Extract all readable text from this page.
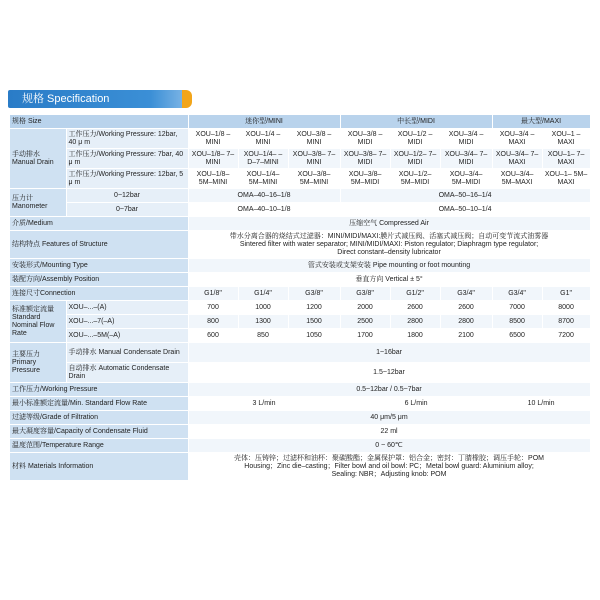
规格 Specification
规格 Size		迷你型/MINI			中长型/MIDI			最大型/MAXI	
手动排水 Manual Drain	工作压力/Working Pressure: 12bar, 40 μ m	XOU–1/8 –MINI	XOU–1/4 –MINI	XOU–3/8 –MINI	XOU–3/8 –MIDI	XOU–1/2 –MIDI	XOU–3/4 –MIDI	XOU–3/4 –MAXI	XOU–1 –MAXI
	工作压力/Working Pressure: 7bar, 40 μ m	XOU–1/8– 7–MINI	XOU–1/4– –D–7–MINI	XOU–3/8– 7–MINI	XOU–3/8– 7–MIDI	XOU–1/2– 7–MIDI	XOU–3/4– 7–MIDI	XOU–3/4– 7–MAXI	XOU–1– 7–MAXI
	工作压力/Working Pressure: 12bar, 5 μ m	XOU–1/8– 5M–MINI	XOU–1/4– 5M–MINI	XOU–3/8– 5M–MINI	XOU–3/8– 5M–MIDI	XOU–1/2– 5M–MIDI	XOU–3/4– 5M–MIDI	XOU–3/4– 5M–MAXI	XOU–1– 5M–MAXI
压力计 Manometer	0~12bar	OMA–40–16–1/8			OMA–50–16–1/4				
	0~7bar	OMA–40–10–1/8			OMA–50–10–1/4				
介质/Medium		压缩空气 Compressed Air							
结构特点 Features of Structure		带水分离合器的烧结式过滤器：MINI/MIDI/MAXI:膜片式减压阀、活塞式减压阀；自动可变节流式油雾器
Sintered filter with water separator; MINI/MIDI/MAXI: Piston regulator; Diaphragm type regulator;
Direct constant–density lubricator							

安装形式/Mounting Type		管式安装或支架安装 Pipe mounting or foot mounting							
装配方向/Assembly Position		垂直方向 Vertical ± 5°							
连接尺寸Connection		G1/8"	G1/4"	G3/8"	G3/8"	G1/2"	G3/4"	G3/4"	G1"
标准额定流量 Standard Nominal Flow Rate	XOU–...–(A)	700	1000	1200	2000	2600	2600	7000	8000
	XOU–...–7(–A)	800	1300	1500	2500	2800	2800	8500	8700
	XOU–...–5M(–A)	600	850	1050	1700	1800	2100	6500	7200
主要压力 Primary Pressure	手动排水 Manual Condensate Drain	1~16bar							
	自动排水 Automatic Condensate Drain	1.5~12bar							
工作压力/Working Pressure		0.5~12bar / 0.5~7bar							
最小标准额定流量/Min. Standard Flow Rate		3 L/min			6 L/min			10 L/min	
过滤等级/Grade of Filtration		40 μm/5 μm							
最大凝度容量/Capacity of Condensate Fluid		22 ml							
温度范围/Temperature Range		0 ~ 60℃							
材料 Materials Information		壳体：压铸锌；过滤杯和油杯：聚碳酸酯；金属保护罩：铝合金；密封：丁腈橡胶；调压手轮：POM
Housing；Zinc die–casting；Filter bowl and oil bowl: PC；Metal bowl guard: Aluminium alloy;
Sealing: NBR；Adjusting knob: POM							
